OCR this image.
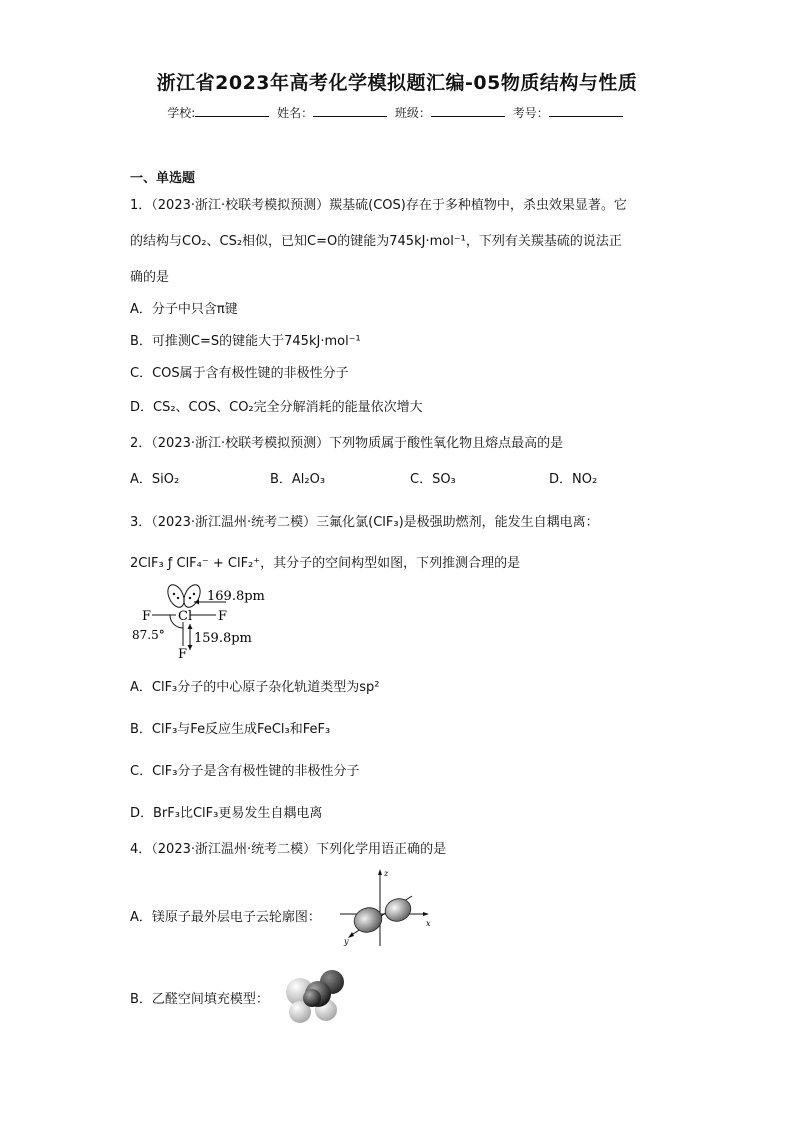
浙江省2023年高考化学模拟题汇编-05物质结构与性质
学校:	姓名：	班级：	考号：
一、单选题
1．（2023·浙江·校联考模拟预测）羰基硫(COS)存在于多种植物中，杀虫效果显著。它
的结构与CO₂、CS₂相似，已知C=O的键能为745kJ·mol⁻¹，下列有关羰基硫的说法正
确的是
A．分子中只含π键
B．可推测C=S的键能大于745kJ·mol⁻¹
C．COS属于含有极性键的非极性分子
D．CS₂、COS、CO₂完全分解消耗的能量依次增大
2．（2023·浙江·校联考模拟预测）下列物质属于酸性氧化物且熔点最高的是
A．SiO₂	B．Al₂O₃	C．SO₃	D．NO₂
3．（2023·浙江温州·统考二模）三氟化氯(ClF₃)是极强助燃剂，能发生自耦电离：
2ClF₃ ƒ ClF₄⁻ + ClF₂⁺，其分子的空间构型如图，下列推测合理的是
Cl
F	F
F
169.8pm
159.8pm
87.5°
A．ClF₃分子的中心原子杂化轨道类型为sp²
B．ClF₃与Fe反应生成FeCl₃和FeF₃
C．ClF₃分子是含有极性键的非极性分子
D．BrF₃比ClF₃更易发生自耦电离
4．（2023·浙江温州·统考二模）下列化学用语正确的是
A．镁原子最外层电子云轮廓图：
z
x
y
B．乙醛空间填充模型：
